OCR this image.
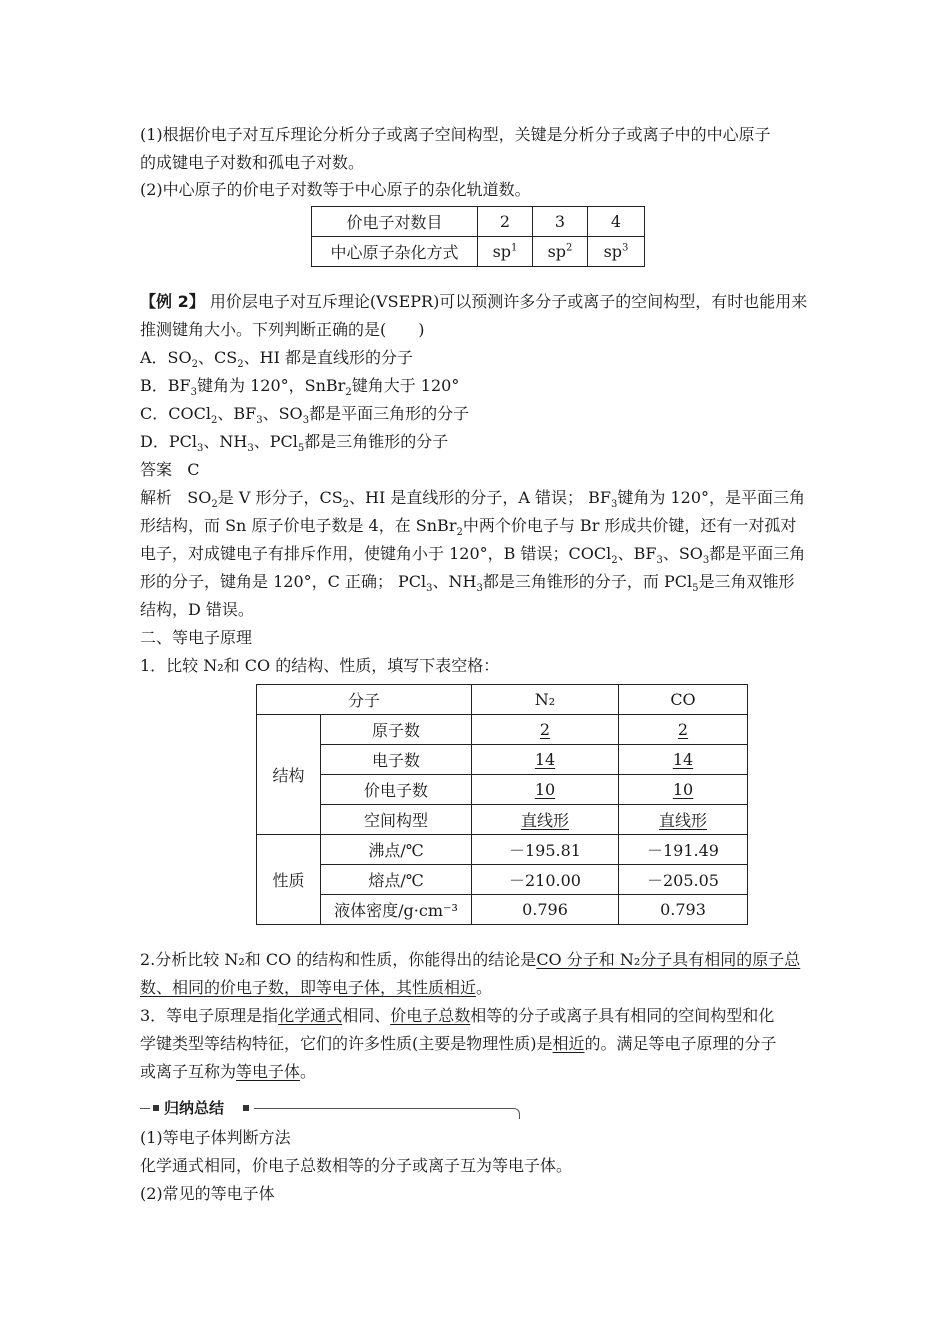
(1)根据价电子对互斥理论分析分子或离子空间构型，关键是分析分子或离子中的中心原子
的成键电子对数和孤电子对数。
(2)中心原子的价电子对数等于中心原子的杂化轨道数。
价电子对数目	2	3	4
中心原子杂化方式	$sp^1$	$sp^2$	$sp^3$
【例 2】 用价层电子对互斥理论(VSEPR)可以预测许多分子或离子的空间构型，有时也能用来
推测键角大小。下列判断正确的是(　　)
A．$SO_2$、$CS_2$、HI 都是直线形的分子
B．$BF_3$键角为 120°，SnBr$_2$键角大于 120°
C．COCl$_2$、$BF_3$、$SO_3$都是平面三角形的分子
D．PCl$_3$、$NH_3$、PCl$_5$都是三角锥形的分子
答案 C
解析   $SO_2$是 V 形分子，$CS_2$、HI 是直线形的分子，A 错误； $BF_3$键角为 120°，是平面三角
形结构，而 Sn 原子价电子数是 4，在 SnBr$_2$中两个价电子与 Br 形成共价键，还有一对孤对
电子，对成键电子有排斥作用，使键角小于 120°，B 错误；COCl$_2$、$BF_3$、$SO_3$都是平面三角
形的分子，键角是 120°，C 正确； PCl$_3$、$NH_3$都是三角锥形的分子，而 PCl$_5$是三角双锥形
结构，D 错误。
二、等电子原理
1．比较 N₂和 CO 的结构、性质，填写下表空格：
分子		N₂	CO
结构	原子数	2	2
	电子数	14	14
	价电子数	10	10
	空间构型	直线形	直线形
性质	沸点/℃	－195.81	－191.49
	熔点/℃	－210.00	－205.05
	液体密度/g·cm⁻³	0.796	0.793
2.分析比较 N₂和 CO 的结构和性质，你能得出的结论是CO 分子和 N₂分子具有相同的原子总
数、相同的价电子数，即等电子体，其性质相近。
3．等电子原理是指化学通式相同、价电子总数相等的分子或离子具有相同的空间构型和化
学键类型等结构特征，它们的许多性质(主要是物理性质)是相近的。满足等电子原理的分子
或离子互称为等电子体。
归纳总结
(1)等电子体判断方法
化学通式相同，价电子总数相等的分子或离子互为等电子体。
(2)常见的等电子体
